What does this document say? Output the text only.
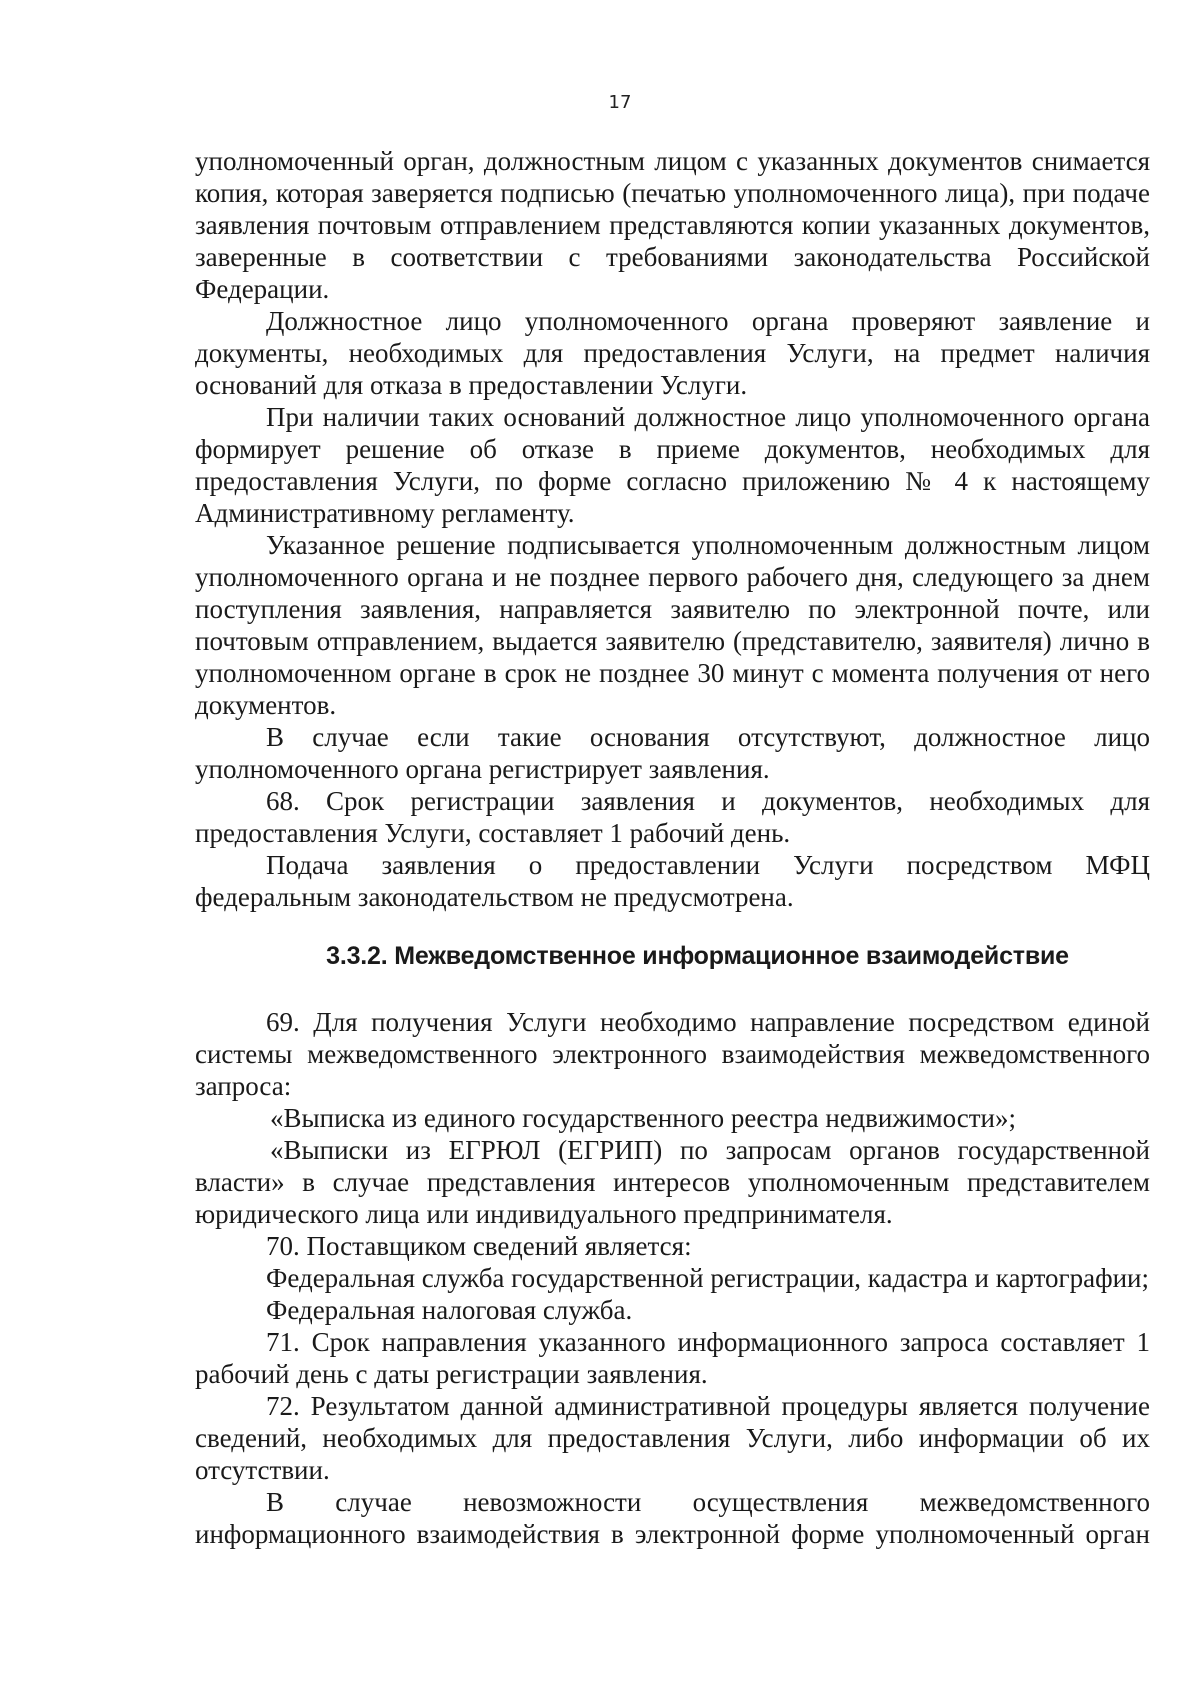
17

уполномоченный орган, должностным лицом с указанных документов снимается копия, которая заверяется подписью (печатью уполномоченного лица), при подаче заявления почтовым отправлением представляются копии указанных документов, заверенные в соответствии с требованиями законодательства Российской Федерации.

Должностное лицо уполномоченного органа проверяют заявление и документы, необходимых для предоставления Услуги, на предмет наличия оснований для отказа в предоставлении Услуги.

При наличии таких оснований должностное лицо уполномоченного органа формирует решение об отказе в приеме документов, необходимых для предоставления Услуги, по форме согласно приложению № 4 к настоящему Административному регламенту.

Указанное решение подписывается уполномоченным должностным лицом уполномоченного органа и не позднее первого рабочего дня, следующего за днем поступления заявления, направляется заявителю по электронной почте, или почтовым отправлением, выдается заявителю (представителю, заявителя) лично в уполномоченном органе в срок не позднее 30 минут с момента получения от него документов.

В случае если такие основания отсутствуют, должностное лицо уполномоченного органа регистрирует заявления.

68. Срок регистрации заявления и документов, необходимых для предоставления Услуги, составляет 1 рабочий день.

Подача заявления о предоставлении Услуги посредством МФЦ федеральным законодательством не предусмотрена.

3.3.2. Межведомственное информационное взаимодействие

69. Для получения Услуги необходимо направление посредством единой системы межведомственного электронного взаимодействия межведомственного запроса:

«Выписка из единого государственного реестра недвижимости»;

«Выписки из ЕГРЮЛ (ЕГРИП) по запросам органов государственной власти» в случае представления интересов уполномоченным представителем юридического лица или индивидуального предпринимателя.

70. Поставщиком сведений является:

Федеральная служба государственной регистрации, кадастра и картографии;

Федеральная налоговая служба.

71. Срок направления указанного информационного запроса составляет 1 рабочий день с даты регистрации заявления.

72. Результатом данной административной процедуры является получение сведений, необходимых для предоставления Услуги, либо информации об их отсутствии.

В случае невозможности осуществления межведомственного информационного взаимодействия в электронной форме уполномоченный орган
